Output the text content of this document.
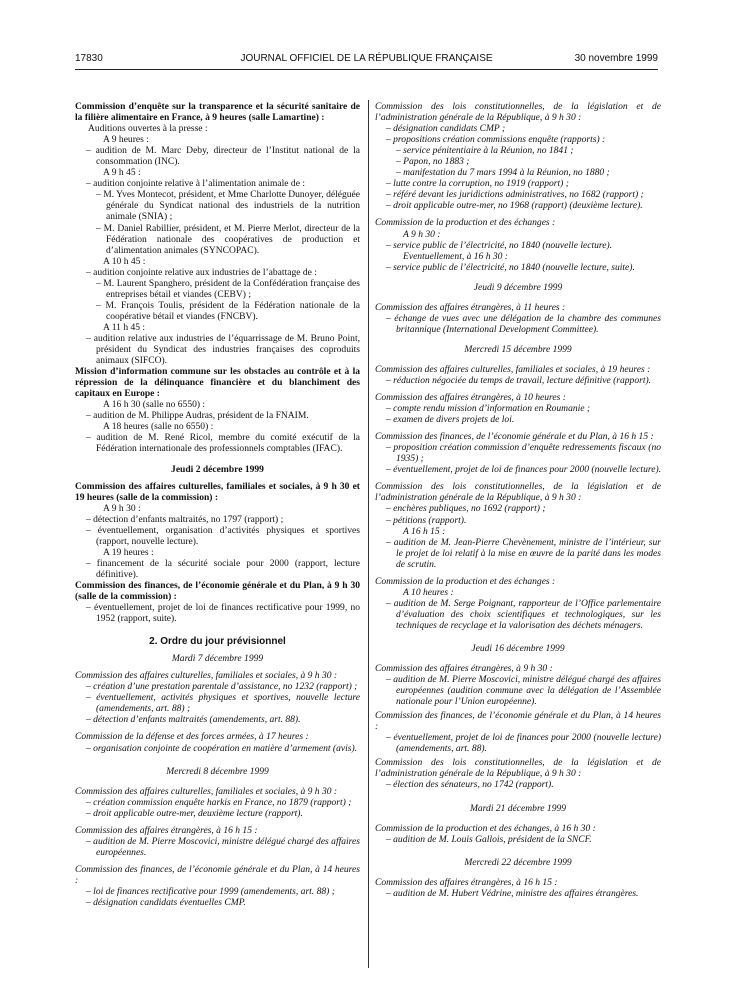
17830	JOURNAL OFFICIEL DE LA RÉPUBLIQUE FRANÇAISE	30 novembre 1999

Commission d’enquête sur la transparence et la sécurité sanitaire de la filière alimentaire en France, à 9 heures (salle Lamartine) :

Auditions ouvertes à la presse :

A 9 heures :

– audition de M. Marc Deby, directeur de l’Institut national de la consommation (INC).

A 9 h 45 :

– audition conjointe relative à l’alimentation animale de :

– M. Yves Montecot, président, et Mme Charlotte Dunoyer, déléguée générale du Syndicat national des industriels de la nutrition animale (SNIA) ;

– M. Daniel Rabillier, président, et M. Pierre Merlot, directeur de la Fédération nationale des coopératives de production et d’alimentation animales (SYNCOPAC).

A 10 h 45 :

– audition conjointe relative aux industries de l’abattage de :

– M. Laurent Spanghero, président de la Confédération française des entreprises bétail et viandes (CEBV) ;

– M. François Toulis, président de la Fédération nationale de la coopérative bétail et viandes (FNCBV).

A 11 h 45 :

– audition relative aux industries de l’équarrissage de M. Bruno Point, président du Syndicat des industries françaises des coproduits animaux (SIFCO).

Mission d’information commune sur les obstacles au contrôle et à la répression de la délinquance financière et du blanchiment des capitaux en Europe :

A 16 h 30 (salle no 6550) :

– audition de M. Philippe Audras, président de la FNAIM.

A 18 heures (salle no 6550) :

– audition de M. René Ricol, membre du comité exécutif de la Fédération internationale des professionnels comptables (IFAC).

Jeudi 2 décembre 1999

Commission des affaires culturelles, familiales et sociales, à 9 h 30 et 19 heures (salle de la commission) :

A 9 h 30 :

– détection d’enfants maltraités, no 1797 (rapport) ;

– éventuellement, organisation d’activités physiques et sportives (rapport, nouvelle lecture).

A 19 heures :

– financement de la sécurité sociale pour 2000 (rapport, lecture définitive).

Commission des finances, de l’économie générale et du Plan, à 9 h 30 (salle de la commission) :

– éventuellement, projet de loi de finances rectificative pour 1999, no 1952 (rapport, suite).

2. Ordre du jour prévisionnel

Mardi 7 décembre 1999

Commission des affaires culturelles, familiales et sociales, à 9 h 30 :

– création d’une prestation parentale d’assistance, no 1232 (rapport) ;

– éventuellement, activités physiques et sportives, nouvelle lecture (amendements, art. 88) ;

– détection d’enfants maltraités (amendements, art. 88).

Commission de la défense et des forces armées, à 17 heures :

– organisation conjointe de coopération en matière d’armement (avis).

Mercredi 8 décembre 1999

Commission des affaires culturelles, familiales et sociales, à 9 h 30 :

– création commission enquête harkis en France, no 1879 (rapport) ;

– droit applicable outre-mer, deuxième lecture (rapport).

Commission des affaires étrangères, à 16 h 15 :

– audition de M. Pierre Moscovici, ministre délégué chargé des affaires européennes.

Commission des finances, de l’économie générale et du Plan, à 14 heures :

– loi de finances rectificative pour 1999 (amendements, art. 88) ;

– désignation candidats éventuelles CMP.

Commission des lois constitutionnelles, de la législation et de l’administration générale de la République, à 9 h 30 :

– désignation candidats CMP ;

– propositions création commissions enquête (rapports) :

– service pénitentiaire à la Réunion, no 1841 ;

– Papon, no 1883 ;

– manifestation du 7 mars 1994 à la Réunion, no 1880 ;

– lutte contre la corruption, no 1919 (rapport) ;

– référé devant les juridictions administratives, no 1682 (rapport) ;

– droit applicable outre-mer, no 1968 (rapport) (deuxième lecture).

Commission de la production et des échanges :

A 9 h 30 :

– service public de l’électricité, no 1840 (nouvelle lecture).

Eventuellement, à 16 h 30 :

– service public de l’électricité, no 1840 (nouvelle lecture, suite).

Jeudi 9 décembre 1999

Commission des affaires étrangères, à 11 heures :

– échange de vues avec une délégation de la chambre des communes britannique (International Development Committee).

Mercredi 15 décembre 1999

Commission des affaires culturelles, familiales et sociales, à 19 heures :

– réduction négociée du temps de travail, lecture définitive (rapport).

Commission des affaires étrangères, à 10 heures :

– compte rendu mission d’information en Roumanie ;

– examen de divers projets de loi.

Commission des finances, de l’économie générale et du Plan, à 16 h 15 :

– proposition création commission d’enquête redressements fiscaux (no 1935) ;

– éventuellement, projet de loi de finances pour 2000 (nouvelle lecture).

Commission des lois constitutionnelles, de la législation et de l’administration générale de la République, à 9 h 30 :

– enchères publiques, no 1692 (rapport) ;

– pétitions (rapport).

A 16 h 15 :

– audition de M. Jean-Pierre Chevènement, ministre de l’intérieur, sur le projet de loi relatif à la mise en œuvre de la parité dans les modes de scrutin.

Commission de la production et des échanges :

A 10 heures :

– audition de M. Serge Poignant, rapporteur de l’Office parlementaire d’évaluation des choix scientifiques et technologiques, sur les techniques de recyclage et la valorisation des déchets ménagers.

Jeudi 16 décembre 1999

Commission des affaires étrangères, à 9 h 30 :

– audition de M. Pierre Moscovici, ministre délégué chargé des affaires européennes (audition commune avec la délégation de l’Assemblée nationale pour l’Union européenne).

Commission des finances, de l’économie générale et du Plan, à 14 heures :

– éventuellement, projet de loi de finances pour 2000 (nouvelle lecture) (amendements, art. 88).

Commission des lois constitutionnelles, de la législation et de l’administration générale de la République, à 9 h 30 :

– élection des sénateurs, no 1742 (rapport).

Mardi 21 décembre 1999

Commission de la production et des échanges, à 16 h 30 :

– audition de M. Louis Gallois, président de la SNCF.

Mercredi 22 décembre 1999

Commission des affaires étrangères, à 16 h 15 :

– audition de M. Hubert Védrine, ministre des affaires étrangères.
